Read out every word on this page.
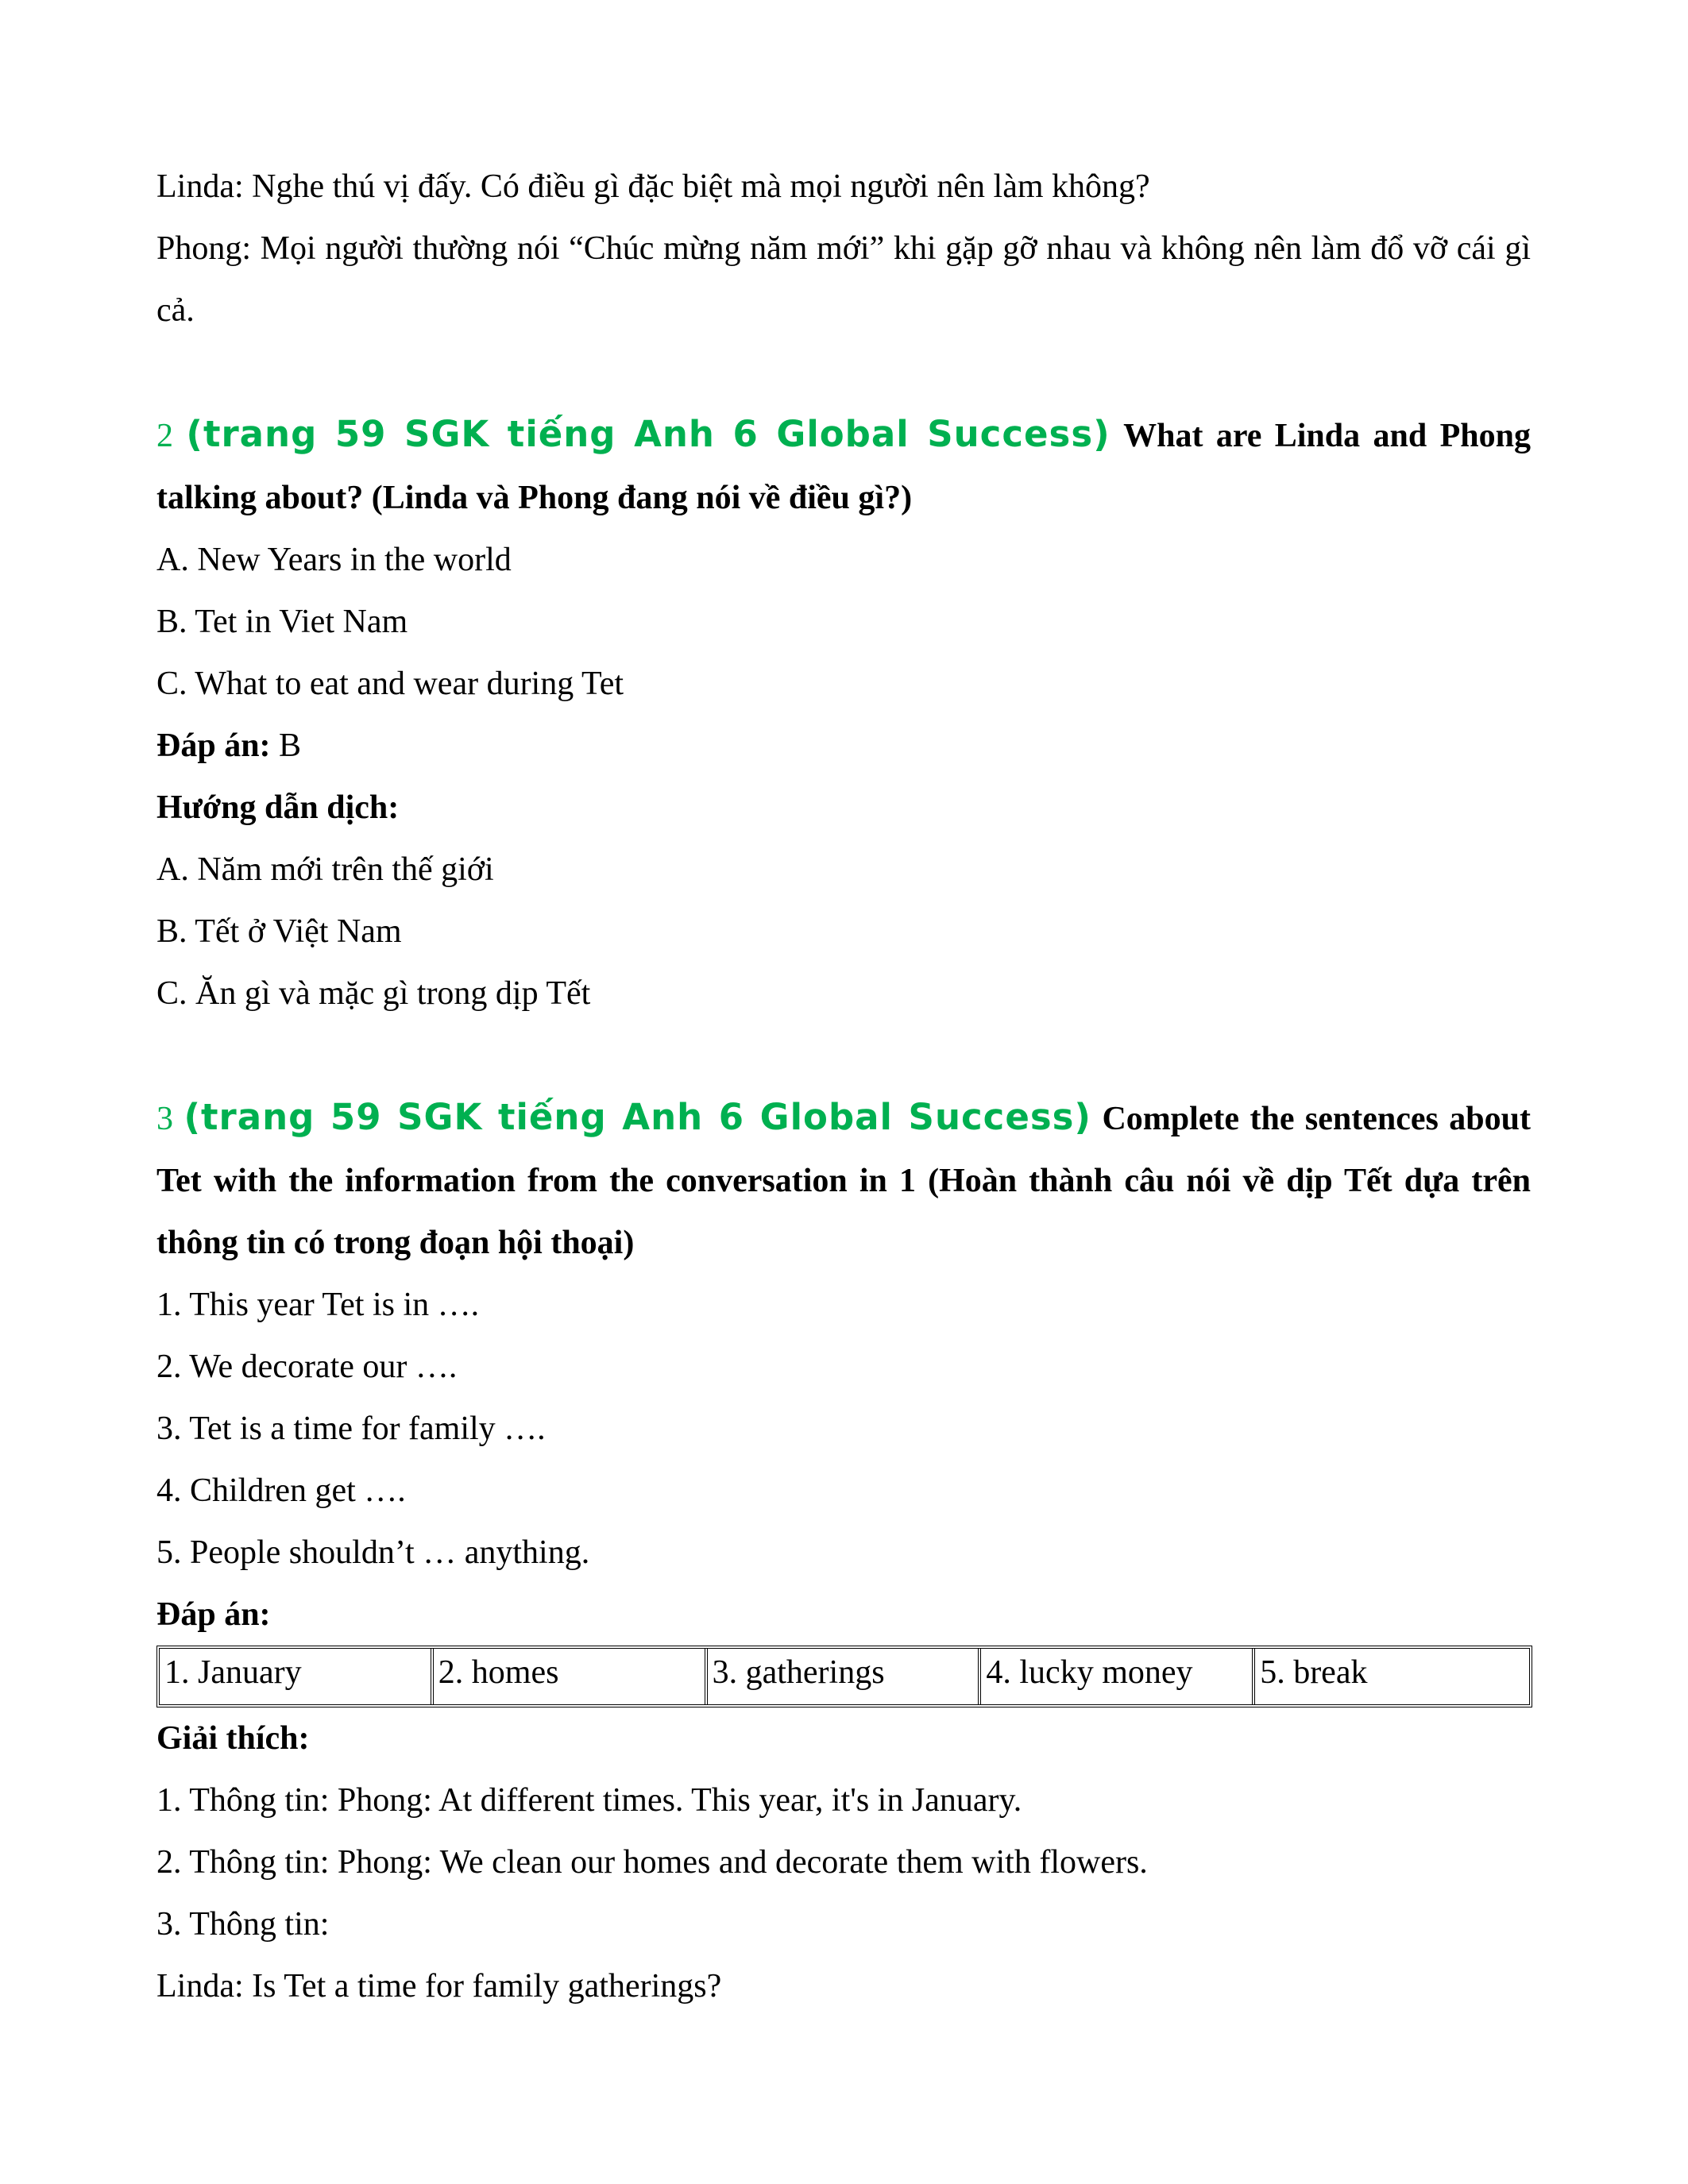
Linda: Nghe thú vị đấy. Có điều gì đặc biệt mà mọi người nên làm không?

Phong: Mọi người thường nói “Chúc mừng năm mới” khi gặp gỡ nhau và không nên làm đổ vỡ cái gì cả.

2 (trang 59 SGK tiếng Anh 6 Global Success) What are Linda and Phong talking about? (Linda và Phong đang nói về điều gì?)

A. New Years in the world

B. Tet in Viet Nam

C. What to eat and wear during Tet

Đáp án: B

Hướng dẫn dịch:

A. Năm mới trên thế giới

B. Tết ở Việt Nam

C. Ăn gì và mặc gì trong dịp Tết

3 (trang 59 SGK tiếng Anh 6 Global Success) Complete the sentences about Tet with the information from the conversation in 1 (Hoàn thành câu nói về dịp Tết dựa trên thông tin có trong đoạn hội thoại)

1. This year Tet is in ….

2. We decorate our ….

3. Tet is a time for family ….

4. Children get ….

5. People shouldn’t … anything.

Đáp án:

1. January	2. homes	3. gatherings	4. lucky money	5. break

Giải thích:

1. Thông tin: Phong: At different times. This year, it's in January.

2. Thông tin: Phong: We clean our homes and decorate them with flowers.

3. Thông tin:

Linda: Is Tet a time for family gatherings?
